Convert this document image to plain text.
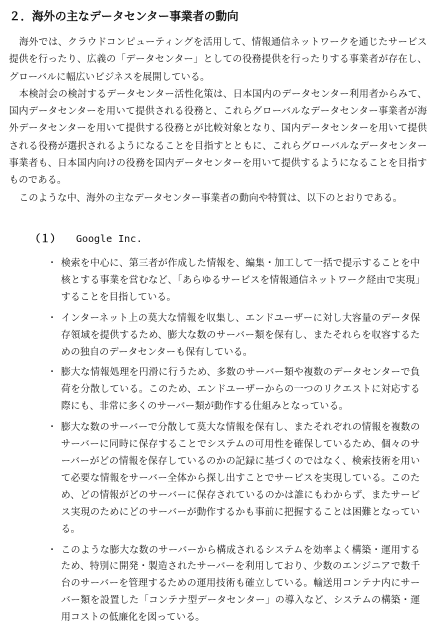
２．海外の主なデータセンター事業者の動向

海外では、クラウドコンピューティングを活用して、情報通信ネットワークを通じたサービス提供を行ったり、広義の「データセンター」としての役務提供を行ったりする事業者が存在し、グローバルに幅広いビジネスを展開している。

本検討会の検討するデータセンター活性化策は、日本国内のデータセンター利用者からみて、国内データセンターを用いて提供される役務と、これらグローバルなデータセンター事業者が海外データセンターを用いて提供する役務とが比較対象となり、国内データセンターを用いて提供される役務が選択されるようになることを目指すとともに、これらグローバルなデータセンター事業者も、日本国内向けの役務を国内データセンターを用いて提供するようになることを目指すものである。

このような中、海外の主なデータセンター事業者の動向や特質は、以下のとおりである。

（１） Google Inc.
・ 検索を中心に、第三者が作成した情報を、編集・加工して一括で提示することを中核とする事業を営むなど、「あらゆるサービスを情報通信ネットワーク経由で実現」することを目指している。
・ インターネット上の莫大な情報を収集し、エンドユーザーに対し大容量のデータ保存領域を提供するため、膨大な数のサーバー類を保有し、またそれらを収容するための独自のデータセンターも保有している。
・ 膨大な情報処理を円滑に行うため、多数のサーバー類や複数のデータセンターで負荷を分散している。このため、エンドユーザーからの一つのリクエストに対応する際にも、非常に多くのサーバー類が動作する仕組みとなっている。
・ 膨大な数のサーバーで分散して莫大な情報を保有し、またそれぞれの情報を複数のサーバーに同時に保存することでシステムの可用性を確保しているため、個々のサーバーがどの情報を保存しているのかの記録に基づくのではなく、検索技術を用いて必要な情報をサーバー全体から探し出すことでサービスを実現している。このため、どの情報がどのサーバーに保存されているのかは誰にもわからず、またサービス実現のためにどのサーバーが動作するかも事前に把握することは困難となっている。
・ このような膨大な数のサーバーから構成されるシステムを効率よく構築・運用するため、特別に開発・製造されたサーバーを利用しており、少数のエンジニアで数千台のサーバーを管理するための運用技術も確立している。輸送用コンテナ内にサーバー類を設置した「コンテナ型データセンター」の導入など、システムの構築・運用コストの低廉化を図っている。
